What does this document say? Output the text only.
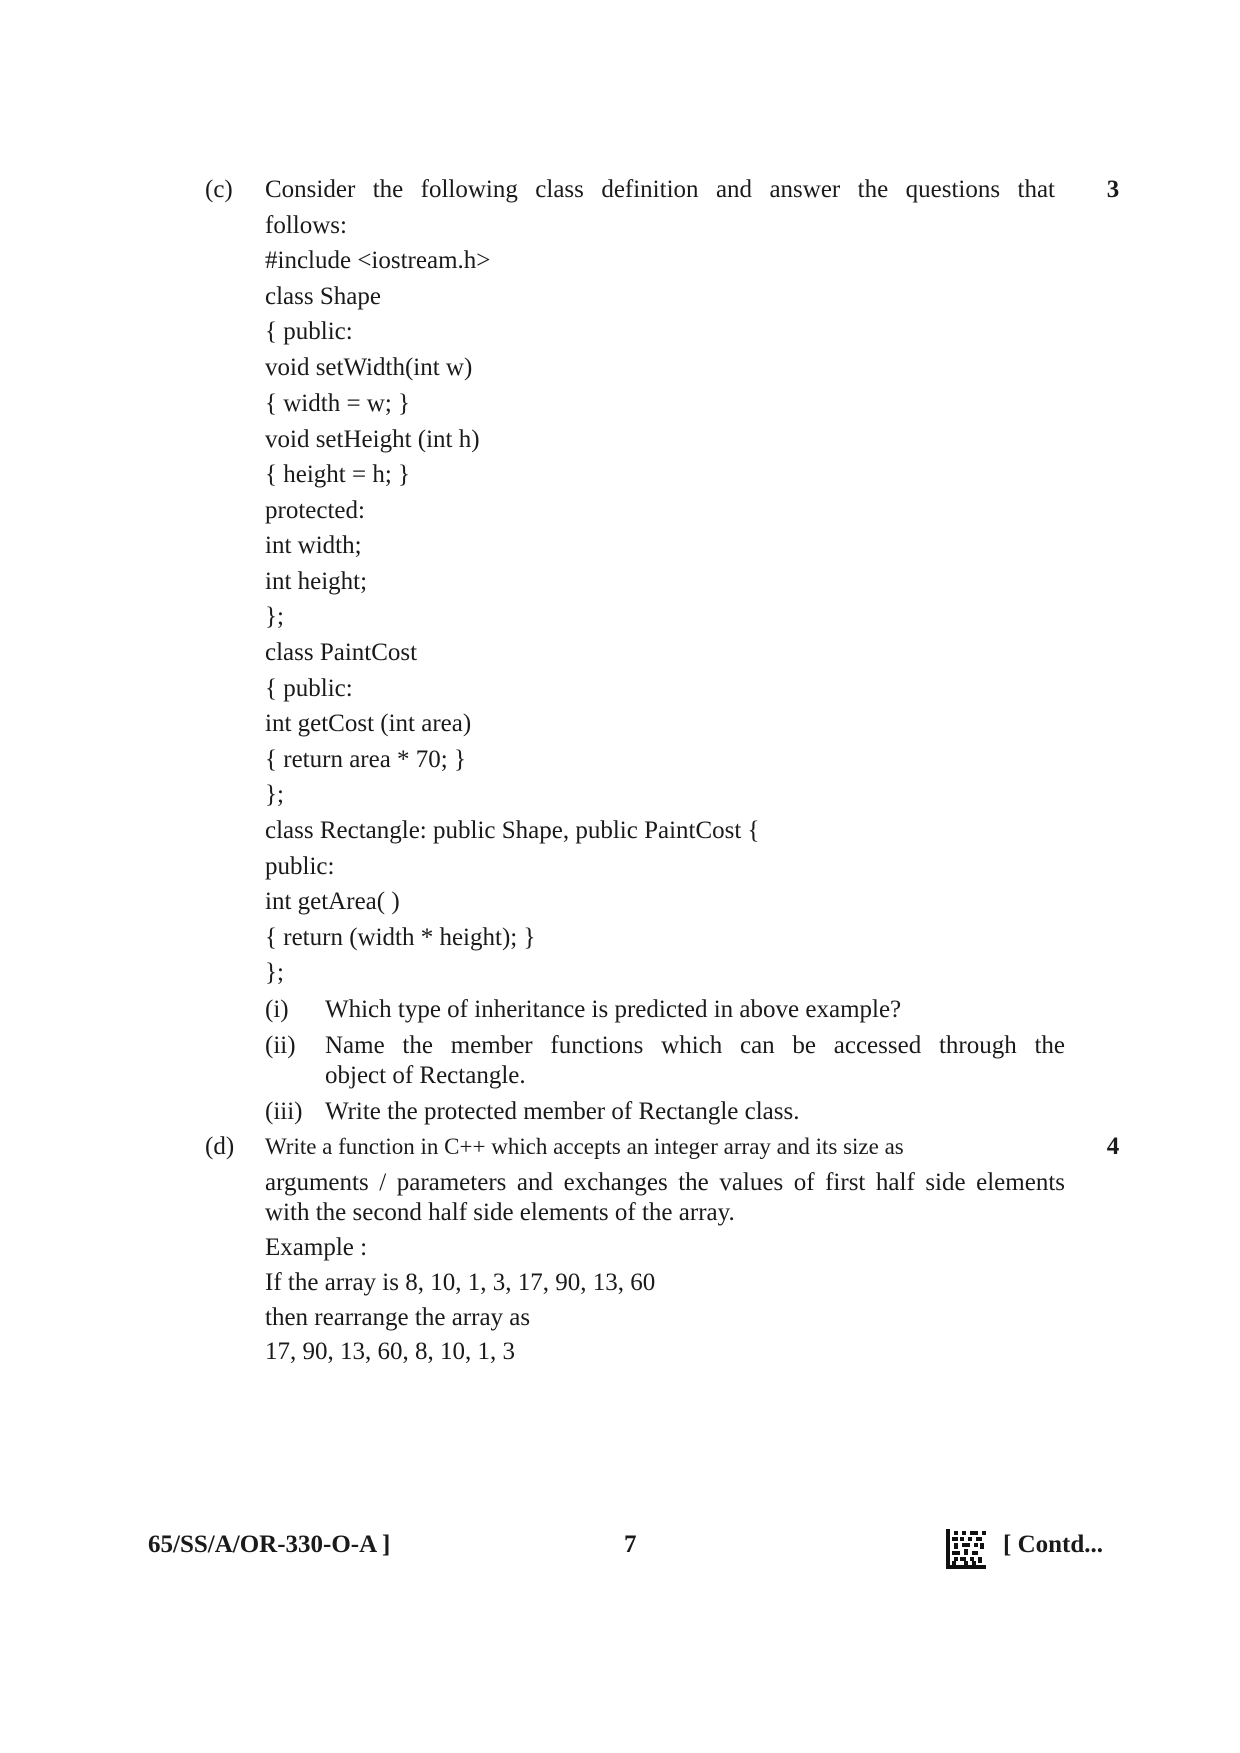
(c) Consider the following class definition and answer the questions that	3
follows:
#include <iostream.h>
class Shape
{ public:
void setWidth(int w)
{ width = w; }
void setHeight (int h)
{ height = h; }
protected:
int width;
int height;
};
class PaintCost
{ public:
int getCost (int area)
{ return area * 70; }
};
class Rectangle: public Shape, public PaintCost {
public:
int getArea( )
{ return (width * height); }
};
(i) Which type of inheritance is predicted in above example?
(ii) Name the member functions which can be accessed through the
object of Rectangle.
(iii) Write the protected member of Rectangle class.
(d) Write a function in C++ which accepts an integer array and its size as	4
arguments / parameters and exchanges the values of first half side elements
with the second half side elements of the array.
Example :
If the array is 8, 10, 1, 3, 17, 90, 13, 60
then rearrange the array as
17, 90, 13, 60, 8, 10, 1, 3
65/SS/A/OR-330-O-A ]	7	[ Contd...
